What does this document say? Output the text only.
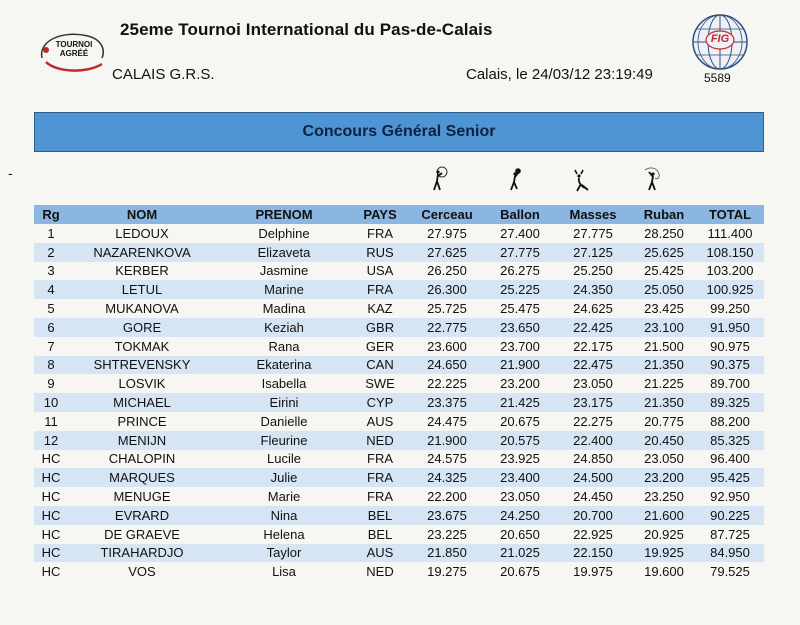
TOURNOI
AGRÉÉ
25eme Tournoi International du Pas-de-Calais
CALAIS G.R.S.	Calais, le 24/03/12 23:19:49
FIG
5589
Concours Général Senior
-
Rg	NOM	PRENOM	PAYS	Cerceau	Ballon	Masses	Ruban	TOTAL
1	LEDOUX	Delphine	FRA	27.975	27.400	27.775	28.250	111.400
2	NAZARENKOVA	Elizaveta	RUS	27.625	27.775	27.125	25.625	108.150
3	KERBER	Jasmine	USA	26.250	26.275	25.250	25.425	103.200
4	LETUL	Marine	FRA	26.300	25.225	24.350	25.050	100.925
5	MUKANOVA	Madina	KAZ	25.725	25.475	24.625	23.425	99.250
6	GORE	Keziah	GBR	22.775	23.650	22.425	23.100	91.950
7	TOKMAK	Rana	GER	23.600	23.700	22.175	21.500	90.975
8	SHTREVENSKY	Ekaterina	CAN	24.650	21.900	22.475	21.350	90.375
9	LOSVIK	Isabella	SWE	22.225	23.200	23.050	21.225	89.700
10	MICHAEL	Eirini	CYP	23.375	21.425	23.175	21.350	89.325
11	PRINCE	Danielle	AUS	24.475	20.675	22.275	20.775	88.200
12	MENIJN	Fleurine	NED	21.900	20.575	22.400	20.450	85.325
HC	CHALOPIN	Lucile	FRA	24.575	23.925	24.850	23.050	96.400
HC	MARQUES	Julie	FRA	24.325	23.400	24.500	23.200	95.425
HC	MENUGE	Marie	FRA	22.200	23.050	24.450	23.250	92.950
HC	EVRARD	Nina	BEL	23.675	24.250	20.700	21.600	90.225
HC	DE GRAEVE	Helena	BEL	23.225	20.650	22.925	20.925	87.725
HC	TIRAHARDJO	Taylor	AUS	21.850	21.025	22.150	19.925	84.950
HC	VOS	Lisa	NED	19.275	20.675	19.975	19.600	79.525
